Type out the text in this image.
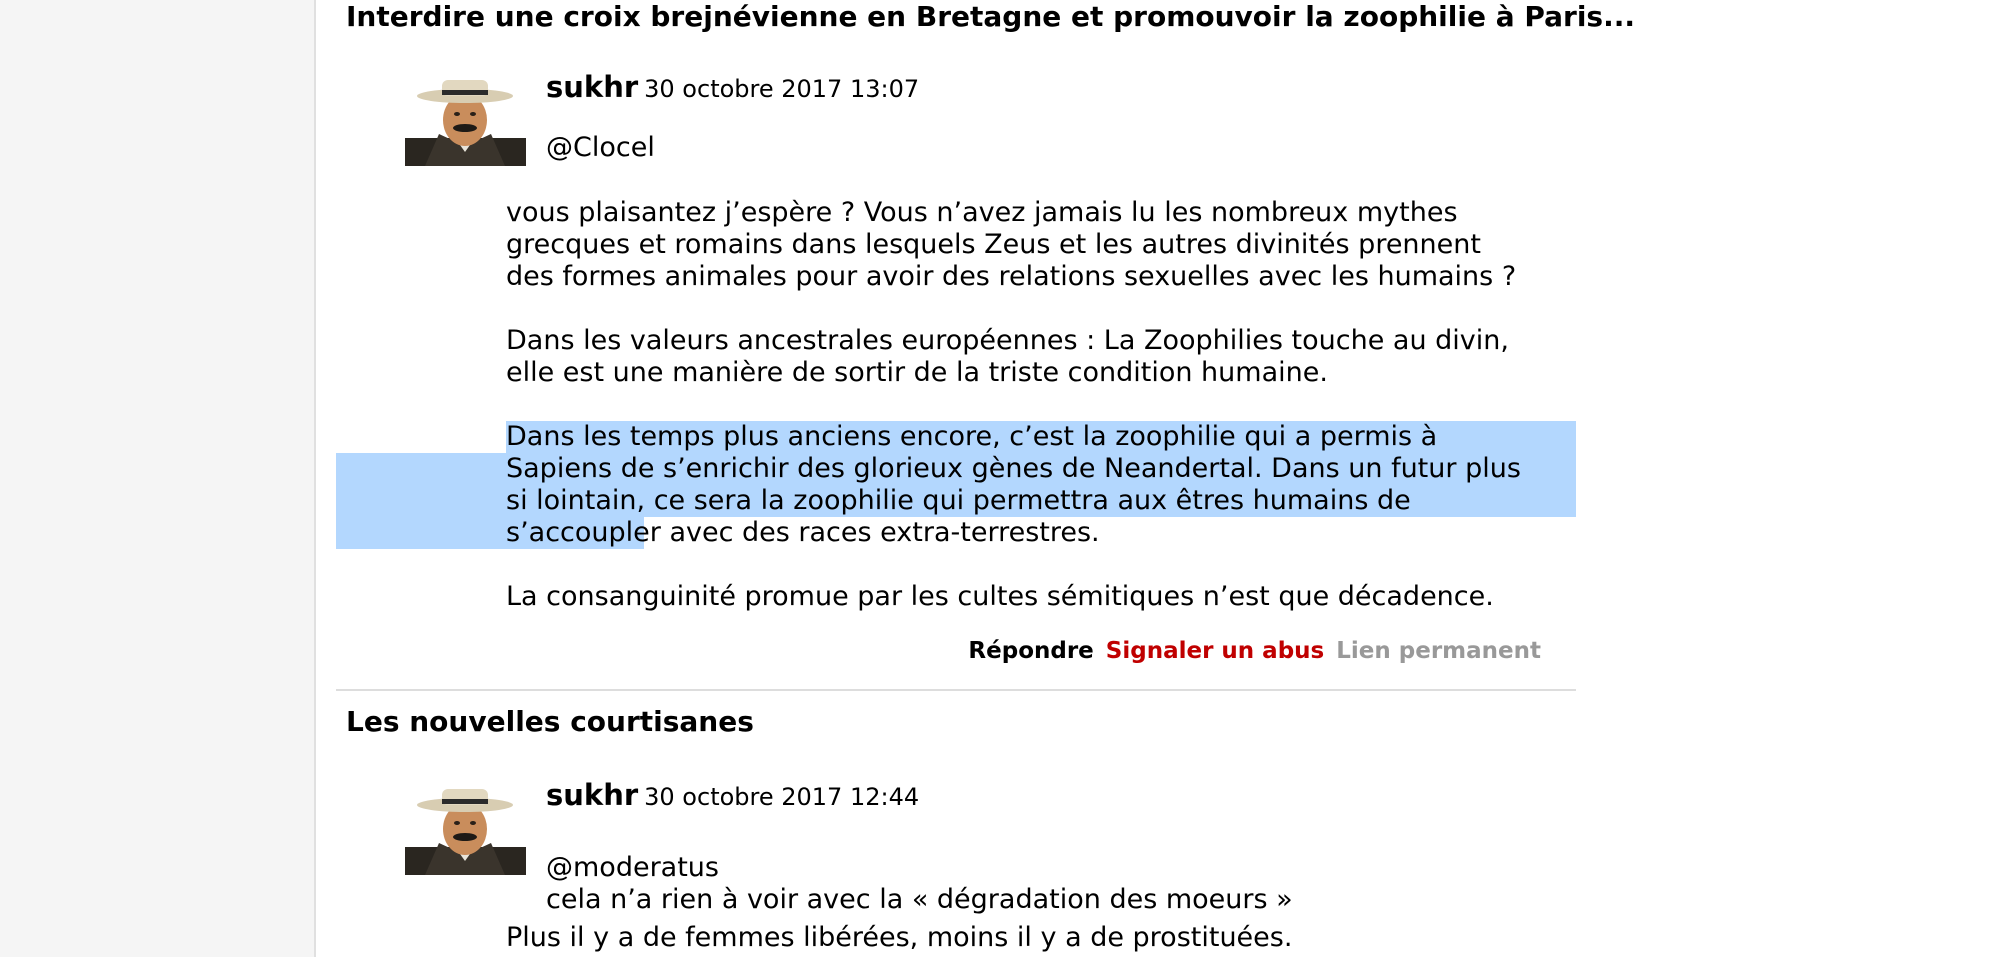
Interdire une croix brejnévienne en Bretagne et promouvoir la zoophilie à Paris...
sukhr 30 octobre 2017 13:07
@Clocel

vous plaisantez j’espère ? Vous n’avez jamais lu les nombreux mythes grecques et romains dans lesquels Zeus et les autres divinités prennent des formes animales pour avoir des relations sexuelles avec les humains ?

Dans les valeurs ancestrales européennes : La Zoophilies touche au divin, elle est une manière de sortir de la triste condition humaine.

Dans les temps plus anciens encore, c’est la zoophilie qui a permis à Sapiens de s’enrichir des glorieux gènes de Neandertal. Dans un futur plus si lointain, ce sera la zoophilie qui permettra aux êtres humains de s’accoupler avec des races extra-terrestres.

La consanguinité promue par les cultes sémitiques n’est que décadence.

Répondre Signaler un abus Lien permanent
Les nouvelles courtisanes
sukhr 30 octobre 2017 12:44
@moderatus
cela n’a rien à voir avec la « dégradation des moeurs »

Plus il y a de femmes libérées, moins il y a de prostituées.
